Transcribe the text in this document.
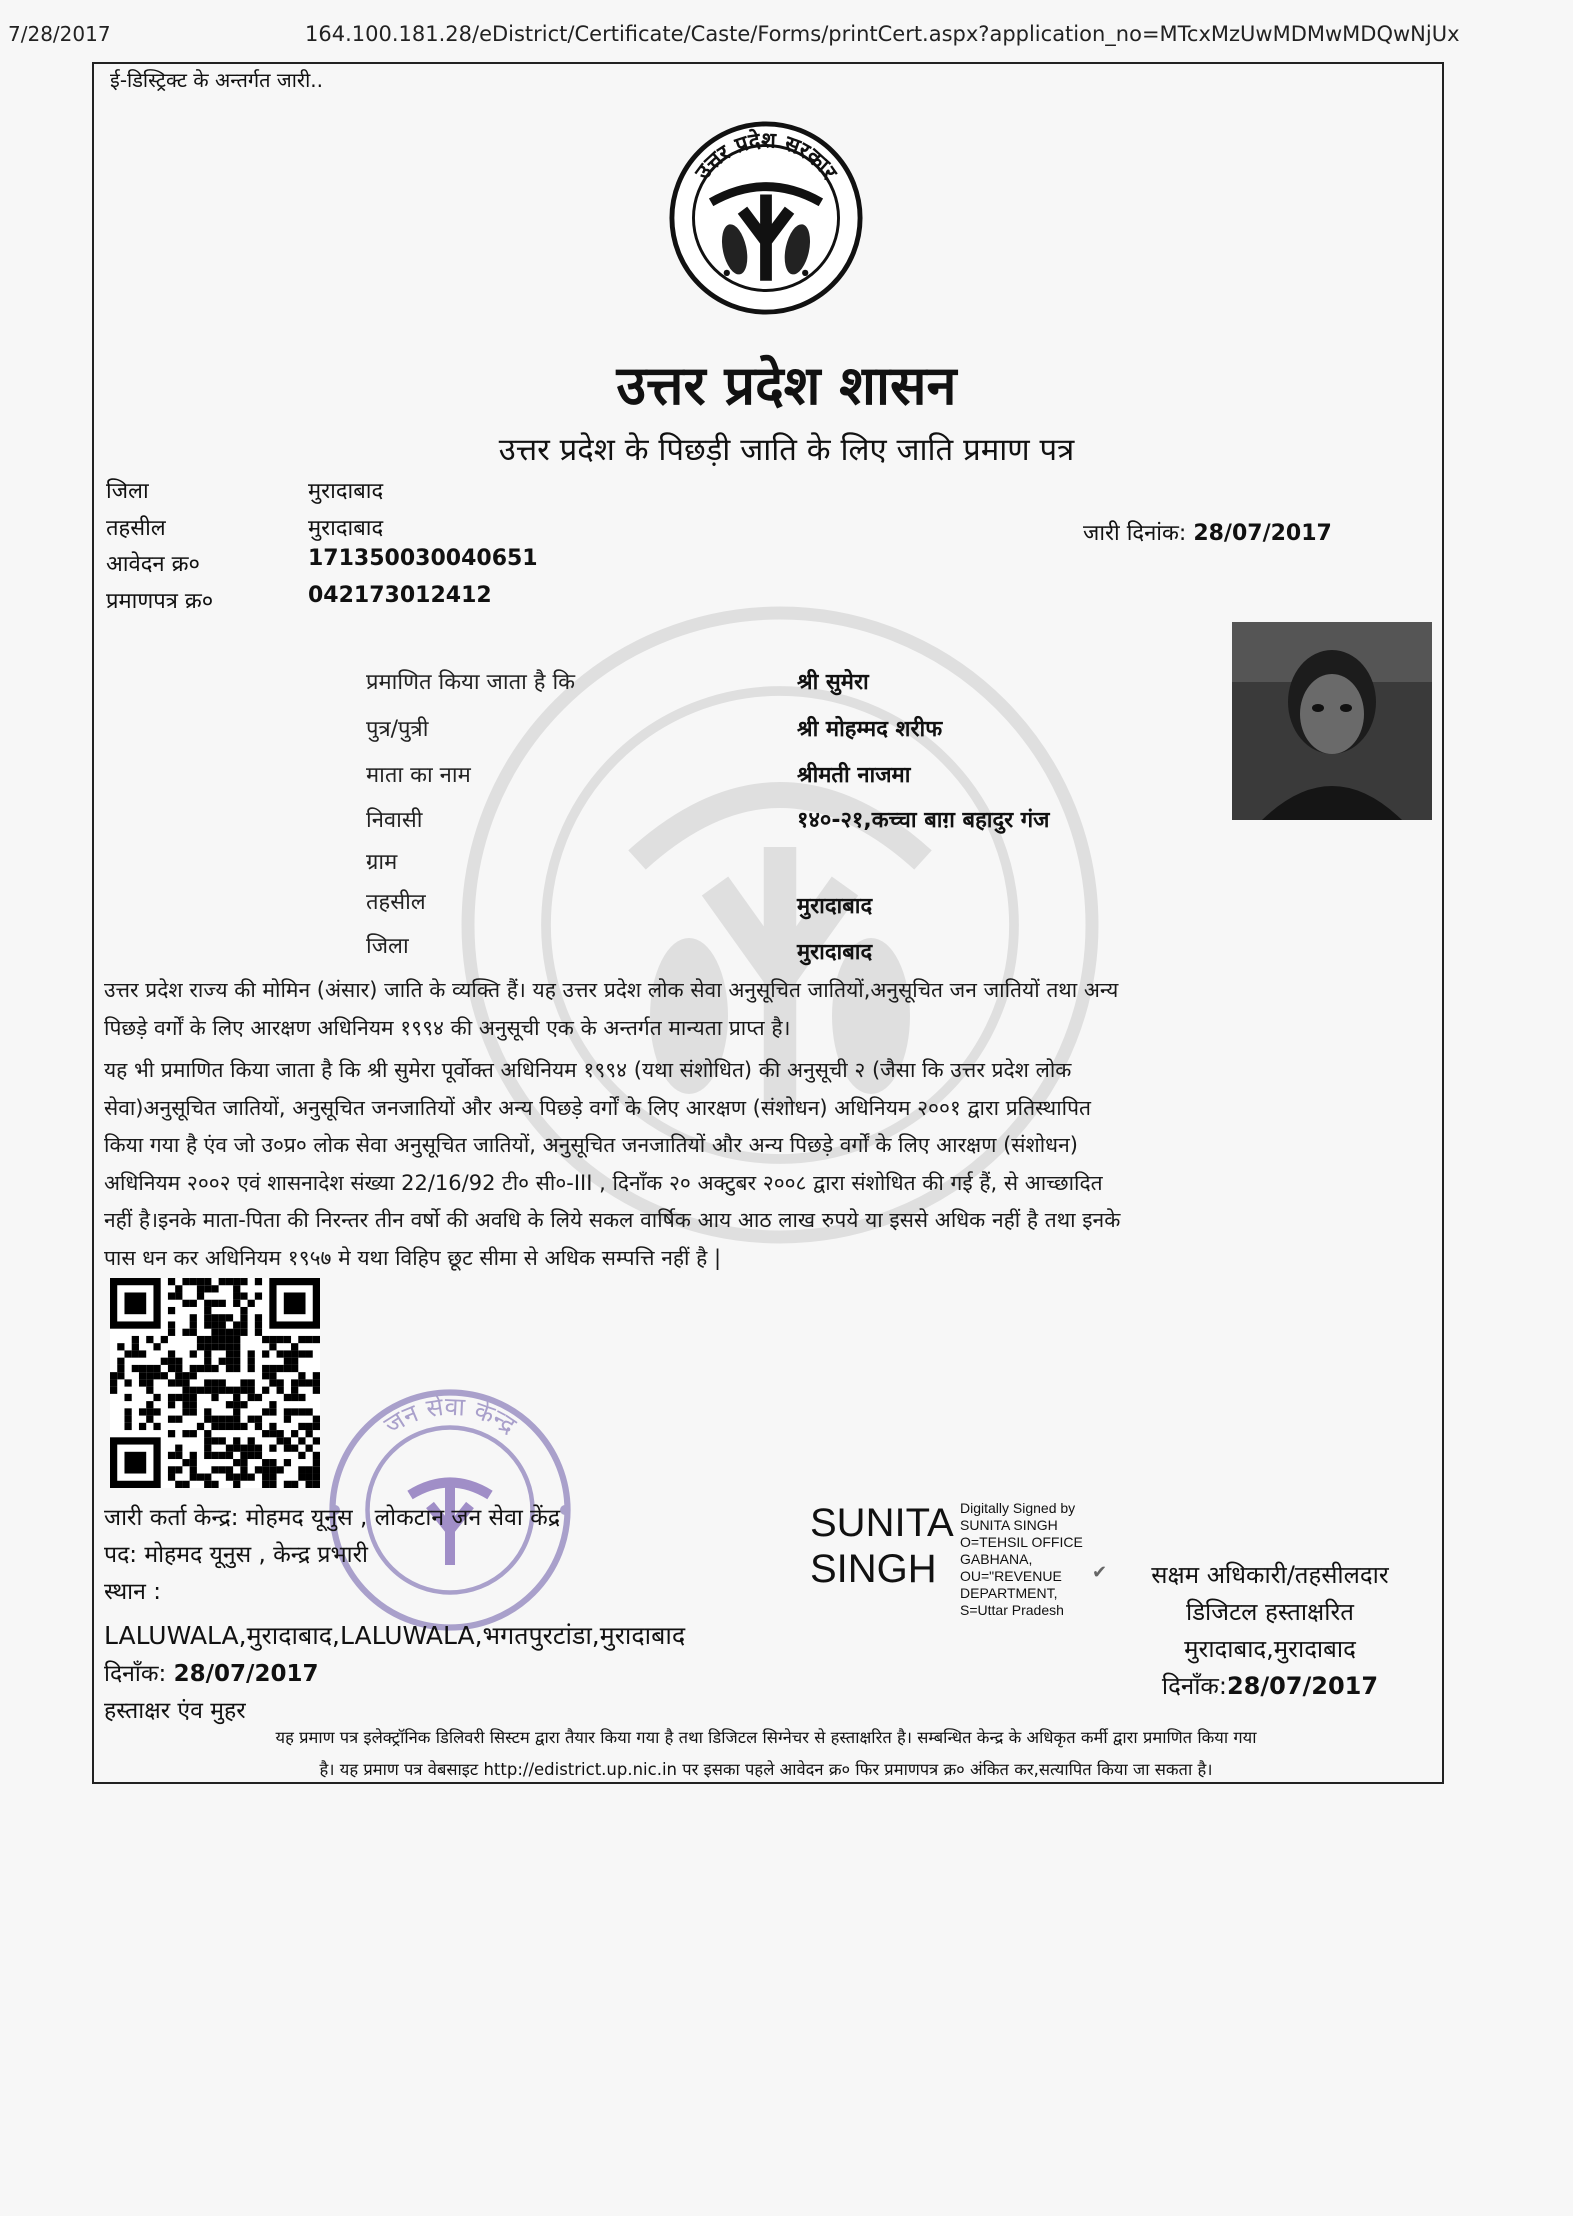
7/28/2017	164.100.181.28/eDistrict/Certificate/Caste/Forms/printCert.aspx?application_no=MTcxMzUwMDMwMDQwNjUx
ई-डिस्ट्रिक्ट के अन्तर्गत जारी..
उत्तर प्रदेश सरकार
उत्तर प्रदेश शासन
उत्तर प्रदेश के पिछड़ी जाति के लिए जाति प्रमाण पत्र
जिला	मुरादाबाद
तहसील	मुरादाबाद
आवेदन क्र०	171350030040651
प्रमाणपत्र क्र०	042173012412
जारी दिनांक: 28/07/2017
प्रमाणित किया जाता है कि	श्री सुमेरा
पुत्र/पुत्री	श्री मोहम्मद शरीफ
माता का नाम	श्रीमती नाजमा
निवासी	१४०-२१,कच्चा बाग़ बहादुर गंज
ग्राम
तहसील	मुरादाबाद
जिला	मुरादाबाद
उत्तर प्रदेश राज्य की मोमिन (अंसार) जाति के व्यक्ति हैं। यह उत्तर प्रदेश लोक सेवा अनुसूचित जातियों,अनुसूचित जन जातियों तथा अन्य
पिछड़े वर्गों के लिए आरक्षण अधिनियम १९९४ की अनुसूची एक के अन्तर्गत मान्यता प्राप्त है।
यह भी प्रमाणित किया जाता है कि श्री सुमेरा पूर्वोक्त अधिनियम १९९४ (यथा संशोधित) की अनुसूची २ (जैसा कि उत्तर प्रदेश लोक
सेवा)अनुसूचित जातियों, अनुसूचित जनजातियों और अन्य पिछड़े वर्गों के लिए आरक्षण (संशोधन) अधिनियम २००१ द्वारा प्रतिस्थापित
किया गया है एंव जो उ०प्र० लोक सेवा अनुसूचित जातियों, अनुसूचित जनजातियों और अन्य पिछड़े वर्गों के लिए आरक्षण (संशोधन)
अधिनियम २००२ एवं शासनादेश संख्या 22/16/92 टी० सी०-III , दिनाँक २० अक्टुबर २००८ द्वारा संशोधित की गई हैं, से आच्छादित
नहीं है।इनके माता-पिता की निरन्तर तीन वर्षो की अवधि के लिये सकल वार्षिक आय आठ लाख रुपये या इससे अधिक नहीं है तथा इनके
पास धन कर अधिनियम १९५७ मे यथा विहिप छूट सीमा से अधिक सम्पत्ति नहीं है |
जन सेवा केन्द्र
जारी कर्ता केन्द्र: मोहमद यूनुस , लोकटान जन सेवा केंद्र
पद: मोहमद यूनुस , केन्द्र प्रभारी
स्थान :
LALUWALA,मुरादाबाद,LALUWALA,भगतपुरटांडा,मुरादाबाद
दिनाँक: 28/07/2017
हस्ताक्षर एंव मुहर
SUNITA
SINGH
Digitally Signed by
SUNITA SINGH
O=TEHSIL OFFICE
GABHANA,
OU="REVENUE
DEPARTMENT,
S=Uttar Pradesh
✔	सक्षम अधिकारी/तहसीलदार
डिजिटल हस्ताक्षरित
मुरादाबाद,मुरादाबाद
दिनाँक:28/07/2017
यह प्रमाण पत्र इलेक्ट्रॉनिक डिलिवरी सिस्टम द्वारा तैयार किया गया है तथा डिजिटल सिग्नेचर से हस्ताक्षरित है। सम्बन्धित केन्द्र के अधिकृत कर्मी द्वारा प्रमाणित किया गया
है। यह प्रमाण पत्र वेबसाइट http://edistrict.up.nic.in पर इसका पहले आवेदन क्र० फिर प्रमाणपत्र क्र० अंकित कर,सत्यापित किया जा सकता है।
